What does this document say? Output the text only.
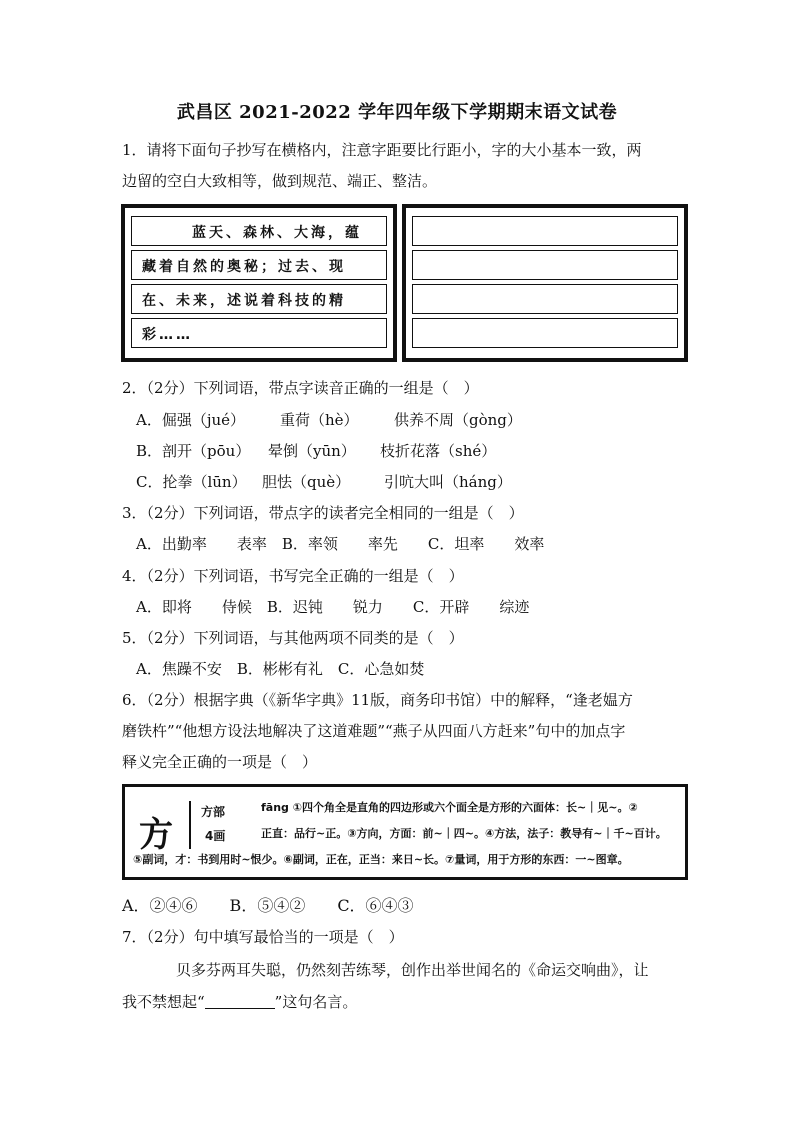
武昌区 2021-2022 学年四年级下学期期末语文试卷
1．请将下面句子抄写在横格内，注意字距要比行距小，字的大小基本一致，两
边留的空白大致相等，做到规范、端正、整洁。
蓝天、森林、大海，蕴
藏着自然的奥秘；过去、现
在、未来，述说着科技的精
彩……
2．（2分）下列词语，带点字读音正确的一组是（　）
A．倔强（jué） 重荷（hè） 供养不周（gòng）
B．剖开（pōu） 晕倒（yūn） 枝折花落（shé）
C．抡拳（lūn） 胆怯（què） 引吭大叫（háng）
3．（2分）下列词语，带点字的读者完全相同的一组是（　）
A．出勤率　　表率　B．率领　　率先　　C．坦率　　效率
4．（2分）下列词语，书写完全正确的一组是（　）
A．即将　　侍候　B．迟钝　　锐力　　C．开辟　　综迹
5．（2分）下列词语，与其他两项不同类的是（　）
A．焦躁不安　B．彬彬有礼　C．心急如焚
6．（2分）根据字典（《新华字典》11版，商务印书馆）中的解释，“逢老媪方
磨铁杵”“他想方设法地解决了这道难题”“燕子从四面八方赶来”句中的加点字
释义完全正确的一项是（　）
方
方部
4画
fāng ①四个角全是直角的四边形或六个面全是方形的六面体：长~｜见~。②
正直：品行~正。③方向，方面：前~｜四~。④方法，法子：教导有~｜千~百计。
⑤副词，才：书到用时~恨少。⑥副词，正在，正当：来日~长。⑦量词，用于方形的东西：一~图章。
A．②④⑥　　B．⑤④②　　C．⑥④③
7．（2分）句中填写最恰当的一项是（　）
贝多芬两耳失聪，仍然刻苦练琴，创作出举世闻名的《命运交响曲》，让
我不禁想起“	”这句名言。
